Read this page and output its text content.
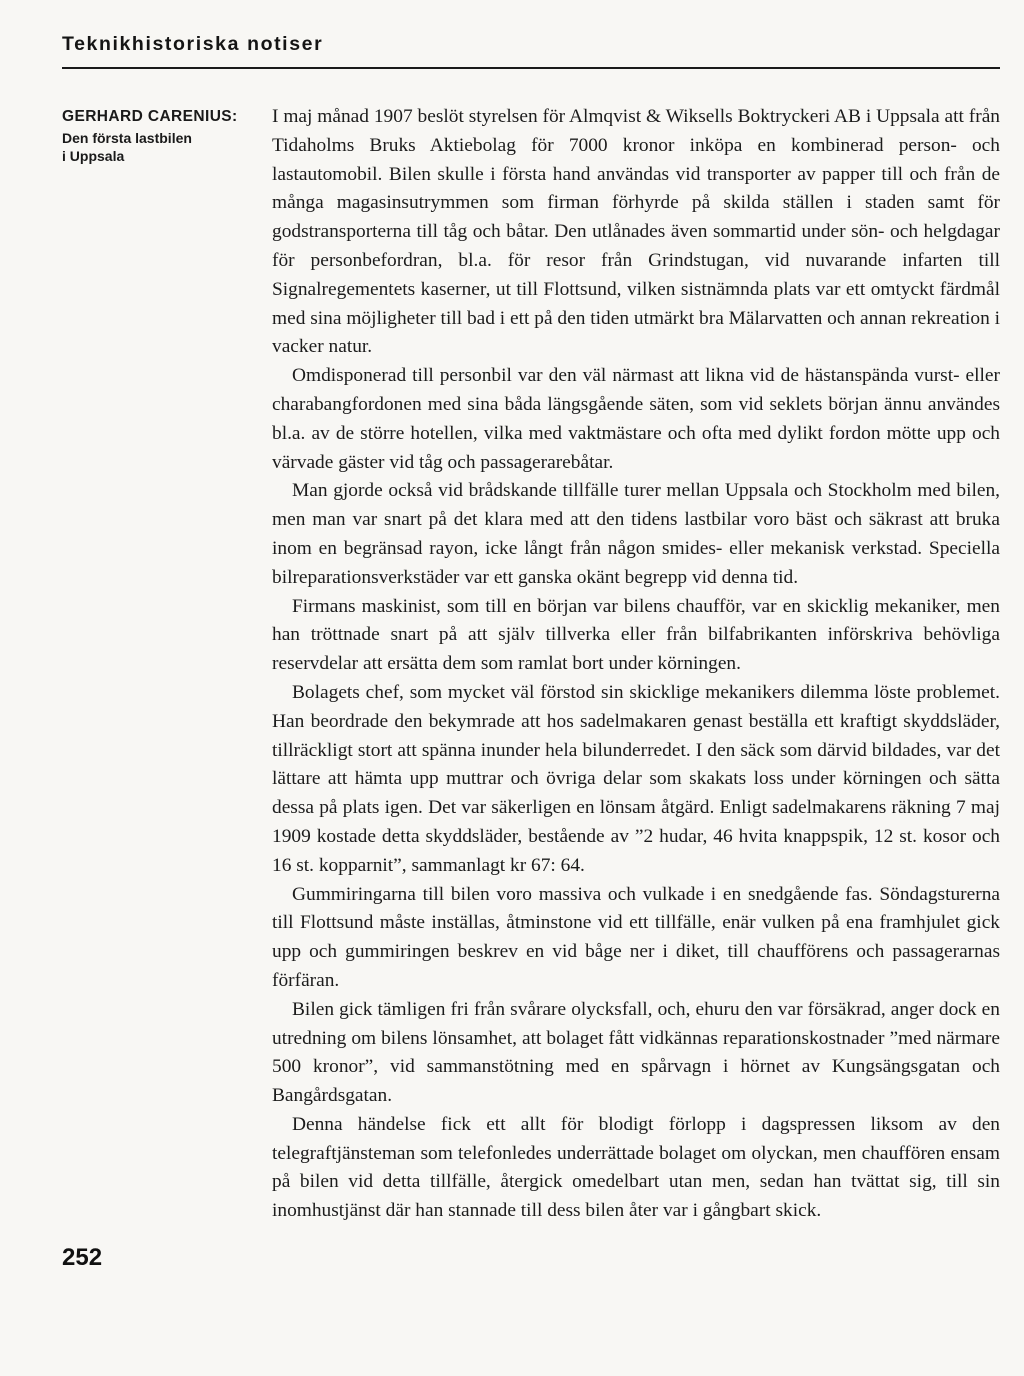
Teknikhistoriska notiser
GERHARD CARENIUS:
Den första lastbilen
i Uppsala
252

I maj månad 1907 beslöt styrelsen för Almqvist & Wiksells Boktryckeri AB i Uppsala att från Tidaholms Bruks Aktiebolag för 7000 kronor inköpa en kombinerad person- och lastautomobil. Bilen skulle i första hand användas vid transporter av papper till och från de många magasinsutrymmen som firman förhyrde på skilda ställen i staden samt för godstransporterna till tåg och båtar. Den utlånades även sommartid under sön- och helgdagar för personbefordran, bl.a. för resor från Grindstugan, vid nuvarande infarten till Signalregementets kaserner, ut till Flottsund, vilken sistnämnda plats var ett omtyckt färdmål med sina möjligheter till bad i ett på den tiden utmärkt bra Mälarvatten och annan rekreation i vacker natur.

Omdisponerad till personbil var den väl närmast att likna vid de hästanspända vurst- eller charabangfordonen med sina båda längsgående säten, som vid seklets början ännu användes bl.a. av de större hotellen, vilka med vaktmästare och ofta med dylikt fordon mötte upp och värvade gäster vid tåg och passagerarebåtar.

Man gjorde också vid brådskande tillfälle turer mellan Uppsala och Stockholm med bilen, men man var snart på det klara med att den tidens lastbilar voro bäst och säkrast att bruka inom en begränsad rayon, icke långt från någon smides- eller mekanisk verkstad. Speciella bilreparationsverkstäder var ett ganska okänt begrepp vid denna tid.

Firmans maskinist, som till en början var bilens chaufför, var en skicklig mekaniker, men han tröttnade snart på att själv tillverka eller från bilfabrikanten införskriva behövliga reservdelar att ersätta dem som ramlat bort under körningen.

Bolagets chef, som mycket väl förstod sin skicklige mekanikers dilemma löste problemet. Han beordrade den bekymrade att hos sadelmakaren genast beställa ett kraftigt skyddsläder, tillräckligt stort att spänna inunder hela bilunderredet. I den säck som därvid bildades, var det lättare att hämta upp muttrar och övriga delar som skakats loss under körningen och sätta dessa på plats igen. Det var säkerligen en lönsam åtgärd. Enligt sadelmakarens räkning 7 maj 1909 kostade detta skyddsläder, bestående av ”2 hudar, 46 hvita knappspik, 12 st. kosor och 16 st. kopparnit”, sammanlagt kr 67: 64.

Gummiringarna till bilen voro massiva och vulkade i en snedgående fas. Söndagsturerna till Flottsund måste inställas, åtminstone vid ett tillfälle, enär vulken på ena framhjulet gick upp och gummiringen beskrev en vid båge ner i diket, till chaufförens och passagerarnas förfäran.

Bilen gick tämligen fri från svårare olycksfall, och, ehuru den var försäkrad, anger dock en utredning om bilens lönsamhet, att bolaget fått vidkännas reparationskostnader ”med närmare 500 kronor”, vid sammanstötning med en spårvagn i hörnet av Kungsängsgatan och Bangårdsgatan.

Denna händelse fick ett allt för blodigt förlopp i dagspressen liksom av den telegraftjänsteman som telefonledes underrättade bolaget om olyckan, men chauffören ensam på bilen vid detta tillfälle, återgick omedelbart utan men, sedan han tvättat sig, till sin inomhustjänst där han stannade till dess bilen åter var i gångbart skick.
